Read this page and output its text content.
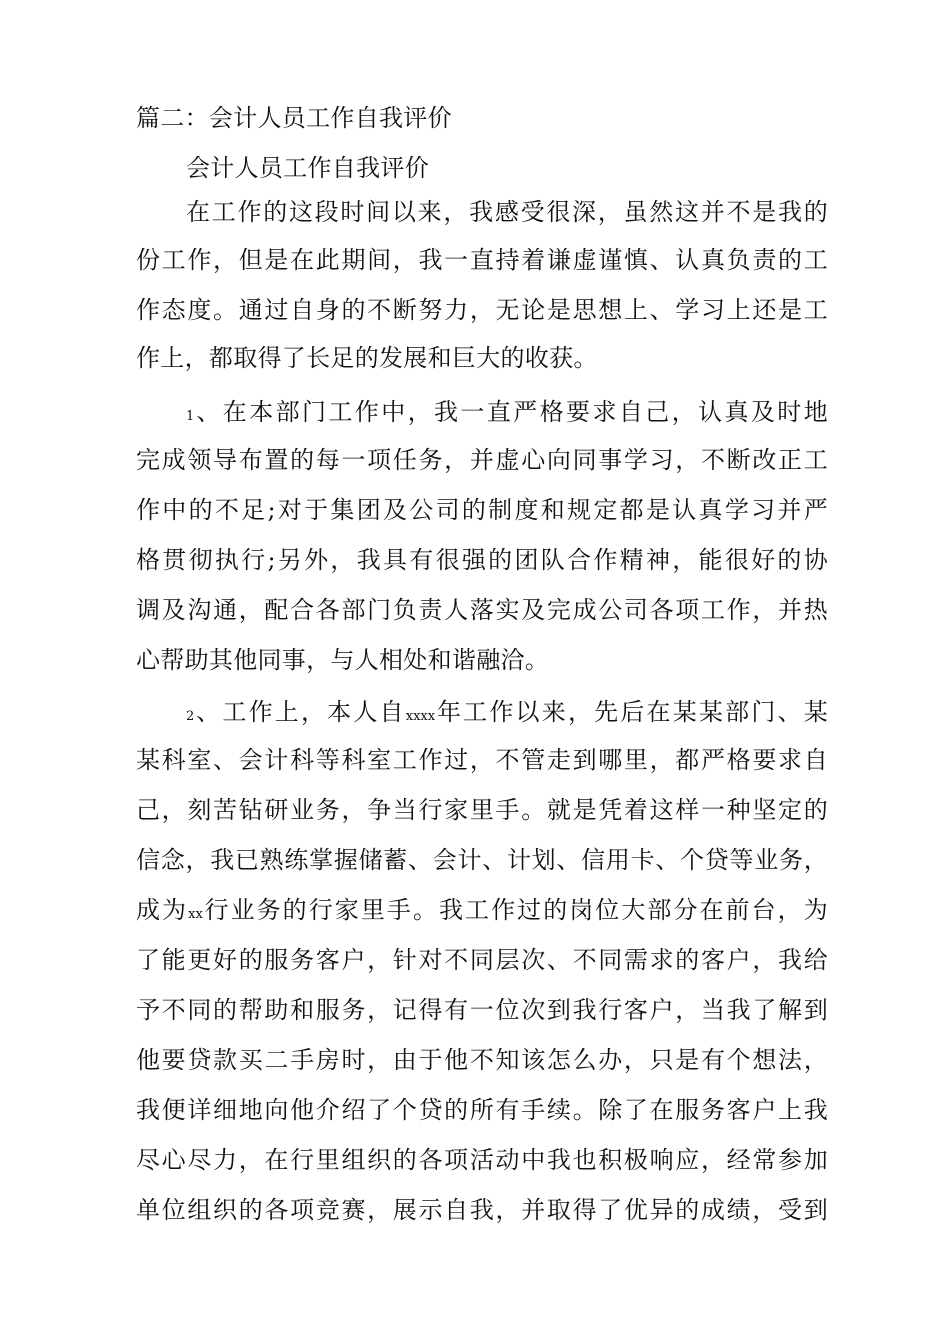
篇二：会计人员工作自我评价
会计人员工作自我评价
在工作的这段时间以来，我感受很深，虽然这并不是我的
份工作，但是在此期间，我一直持着谦虚谨慎、认真负责的工
作态度。通过自身的不断努力，无论是思想上、学习上还是工
作上，都取得了长足的发展和巨大的收获。
1、在本部门工作中，我一直严格要求自己，认真及时地
完成领导布置的每一项任务，并虚心向同事学习，不断改正工
作中的不足;对于集团及公司的制度和规定都是认真学习并严
格贯彻执行;另外，我具有很强的团队合作精神，能很好的协
调及沟通，配合各部门负责人落实及完成公司各项工作，并热
心帮助其他同事，与人相处和谐融洽。
2、工作上，本人自xxxx年工作以来，先后在某某部门、某
某科室、会计科等科室工作过，不管走到哪里，都严格要求自
己，刻苦钻研业务，争当行家里手。就是凭着这样一种坚定的
信念，我已熟练掌握储蓄、会计、计划、信用卡、个贷等业务，
成为xx行业务的行家里手。我工作过的岗位大部分在前台，为
了能更好的服务客户，针对不同层次、不同需求的客户，我给
予不同的帮助和服务，记得有一位次到我行客户，当我了解到
他要贷款买二手房时，由于他不知该怎么办，只是有个想法，
我便详细地向他介绍了个贷的所有手续。除了在服务客户上我
尽心尽力，在行里组织的各项活动中我也积极响应，经常参加
单位组织的各项竞赛，展示自我，并取得了优异的成绩，受到
